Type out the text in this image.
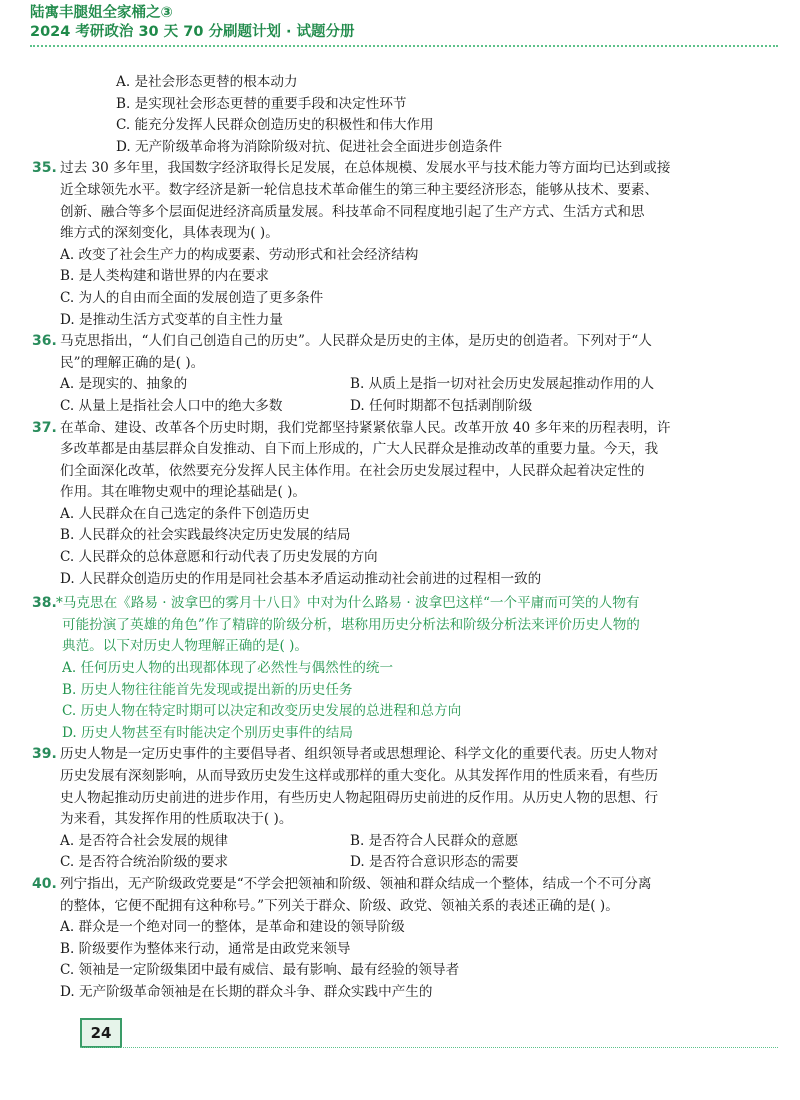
陆寓丰腿姐全家桶之③
2024 考研政治 30 天 70 分刷题计划 · 试题分册
A. 是社会形态更替的根本动力
B. 是实现社会形态更替的重要手段和决定性环节
C. 能充分发挥人民群众创造历史的积极性和伟大作用
D. 无产阶级革命将为消除阶级对抗、促进社会全面进步创造条件
35. 过去 30 多年里，我国数字经济取得长足发展，在总体规模、发展水平与技术能力等方面均已达到或接
近全球领先水平。数字经济是新一轮信息技术革命催生的第三种主要经济形态，能够从技术、要素、
创新、融合等多个层面促进经济高质量发展。科技革命不同程度地引起了生产方式、生活方式和思
维方式的深刻变化，具体表现为( )。
A. 改变了社会生产力的构成要素、劳动形式和社会经济结构
B. 是人类构建和谐世界的内在要求
C. 为人的自由而全面的发展创造了更多条件
D. 是推动生活方式变革的自主性力量
36. 马克思指出，“人们自己创造自己的历史”。人民群众是历史的主体，是历史的创造者。下列对于“人
民”的理解正确的是( )。
A. 是现实的、抽象的	B. 从质上是指一切对社会历史发展起推动作用的人
C. 从量上是指社会人口中的绝大多数	D. 任何时期都不包括剥削阶级
37. 在革命、建设、改革各个历史时期，我们党都坚持紧紧依靠人民。改革开放 40 多年来的历程表明，许
多改革都是由基层群众自发推动、自下而上形成的，广大人民群众是推动改革的重要力量。今天，我
们全面深化改革，依然要充分发挥人民主体作用。在社会历史发展过程中，人民群众起着决定性的
作用。其在唯物史观中的理论基础是( )。
A. 人民群众在自己选定的条件下创造历史
B. 人民群众的社会实践最终决定历史发展的结局
C. 人民群众的总体意愿和行动代表了历史发展的方向
D. 人民群众创造历史的作用是同社会基本矛盾运动推动社会前进的过程相一致的
38. *马克思在《路易 · 波拿巴的雾月十八日》中对为什么路易 · 波拿巴这样“一个平庸而可笑的人物有
可能扮演了英雄的角色”作了精辟的阶级分析，堪称用历史分析法和阶级分析法来评价历史人物的
典范。以下对历史人物理解正确的是( )。
A. 任何历史人物的出现都体现了必然性与偶然性的统一
B. 历史人物往往能首先发现或提出新的历史任务
C. 历史人物在特定时期可以决定和改变历史发展的总进程和总方向
D. 历史人物甚至有时能决定个别历史事件的结局
39. 历史人物是一定历史事件的主要倡导者、组织领导者或思想理论、科学文化的重要代表。历史人物对
历史发展有深刻影响，从而导致历史发生这样或那样的重大变化。从其发挥作用的性质来看，有些历
史人物起推动历史前进的进步作用，有些历史人物起阻碍历史前进的反作用。从历史人物的思想、行
为来看，其发挥作用的性质取决于( )。
A. 是否符合社会发展的规律	B. 是否符合人民群众的意愿
C. 是否符合统治阶级的要求	D. 是否符合意识形态的需要
40. 列宁指出，无产阶级政党要是“不学会把领袖和阶级、领袖和群众结成一个整体，结成一个不可分离
的整体，它便不配拥有这种称号。”下列关于群众、阶级、政党、领袖关系的表述正确的是( )。
A. 群众是一个绝对同一的整体，是革命和建设的领导阶级
B. 阶级要作为整体来行动，通常是由政党来领导
C. 领袖是一定阶级集团中最有威信、最有影响、最有经验的领导者
D. 无产阶级革命领袖是在长期的群众斗争、群众实践中产生的
24
